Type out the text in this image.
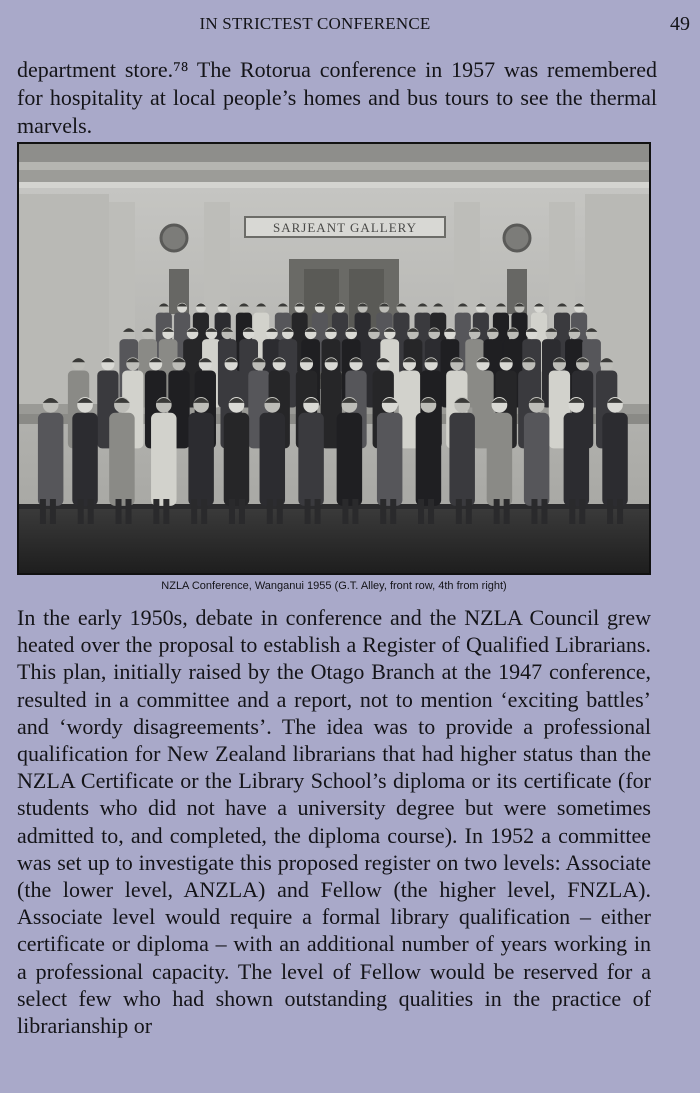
IN STRICTEST CONFERENCE	49

department store.⁷⁸ The Rotorua conference in 1957 was remembered for hospitality at local people’s homes and bus tours to see the thermal marvels.

SARJEANT GALLERY

NZLA Conference, Wanganui 1955 (G.T. Alley, front row, 4th from right)

In the early 1950s, debate in conference and the NZLA Council grew heated over the proposal to establish a Register of Qualified Librarians. This plan, initially raised by the Otago Branch at the 1947 conference, resulted in a committee and a report, not to mention ‘exciting battles’ and ‘wordy disagreements’. The idea was to provide a professional qualification for New Zealand librarians that had higher status than the NZLA Certificate or the Library School’s diploma or its certificate (for students who did not have a university degree but were sometimes admitted to, and completed, the diploma course). In 1952 a committee was set up to investigate this proposed register on two levels: Associate (the lower level, ANZLA) and Fellow (the higher level, FNZLA). Associate level would require a formal library qualification – either certificate or diploma – with an additional number of years working in a professional capacity. The level of Fellow would be reserved for a select few who had shown outstanding qualities in the practice of librarianship or
